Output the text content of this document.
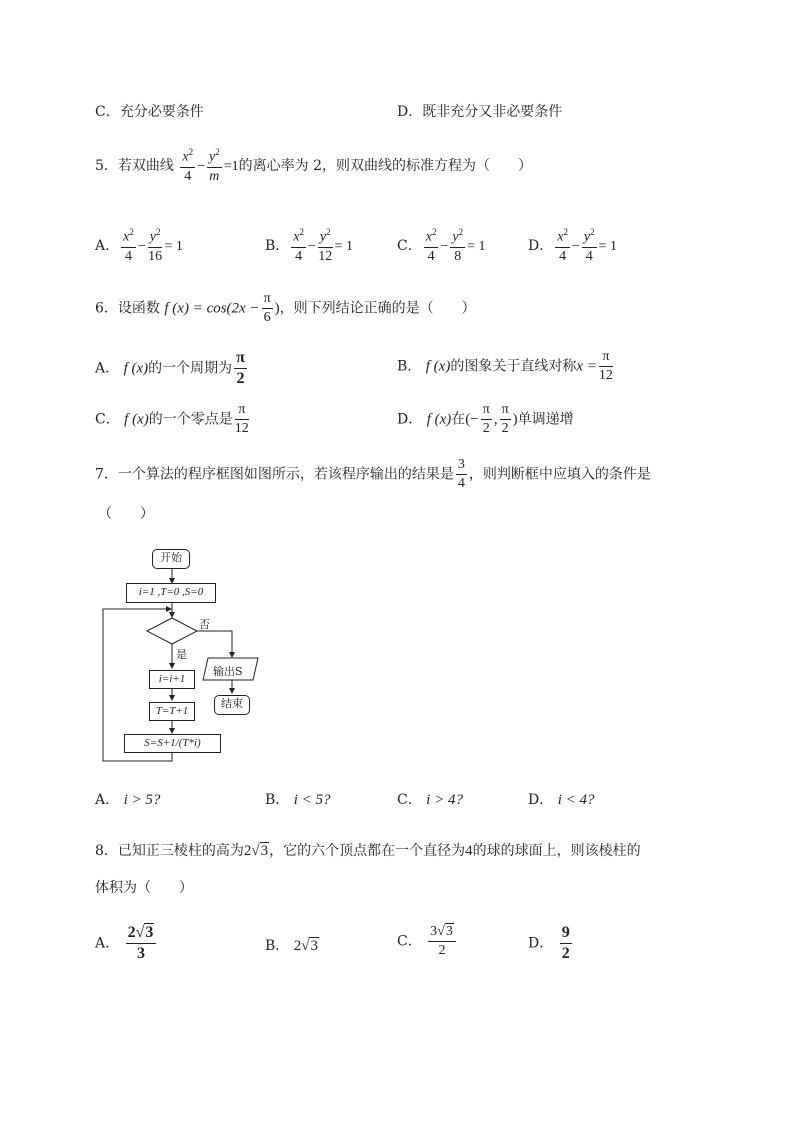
C．充分必要条件	D．既非充分又非必要条件
5．若双曲线 $\frac{x^2}{4} - \frac{y^2}{m} =1$的离心率为 2，则双曲线的标准方程为（　　）
A． $\frac{x^2}{4} - \frac{y^2}{16} = 1$	B． $\frac{x^2}{4} - \frac{y^2}{12} = 1$	C． $\frac{x^2}{4} - \frac{y^2}{8} = 1$	D． $\frac{x^2}{4} - \frac{y^2}{4} = 1$
6．设函数 f $(x) = \cos(2x - \frac{\pi}{6}$ )，则下列结论正确的是（　　）
A． f (x)的一个周期为 $\frac{\pi}{2}$	B． f (x)的图象关于直线对称$x = \frac{\pi}{12}$
C． f (x)的一个零点是 $\frac{\pi}{12}$	D． f (x)在(− $\frac{\pi}{2}$ , $\frac{\pi}{2}$ )单调递增
7．一个算法的程序框图如图所示，若该程序输出的结果是 $\frac{3}{4}$ ，则判断框中应填入的条件是
（　　）
开始
i=1 ,T=0 ,S=0
否
是
i=i+1
T=T+1
S=S+1/(T*i)
输出S
结束
A． i > 5?	B． i < 5?	C． i > 4?	D． i < 4?
8．已知正三棱柱的高为2√3，它的六个顶点都在一个直径为4的球的球面上，则该棱柱的
体积为（　　）
A． $\frac{2√3}{3}$	B． 2√3	C． $\frac{3√3}{2}$	D． $\frac{9}{2}$
